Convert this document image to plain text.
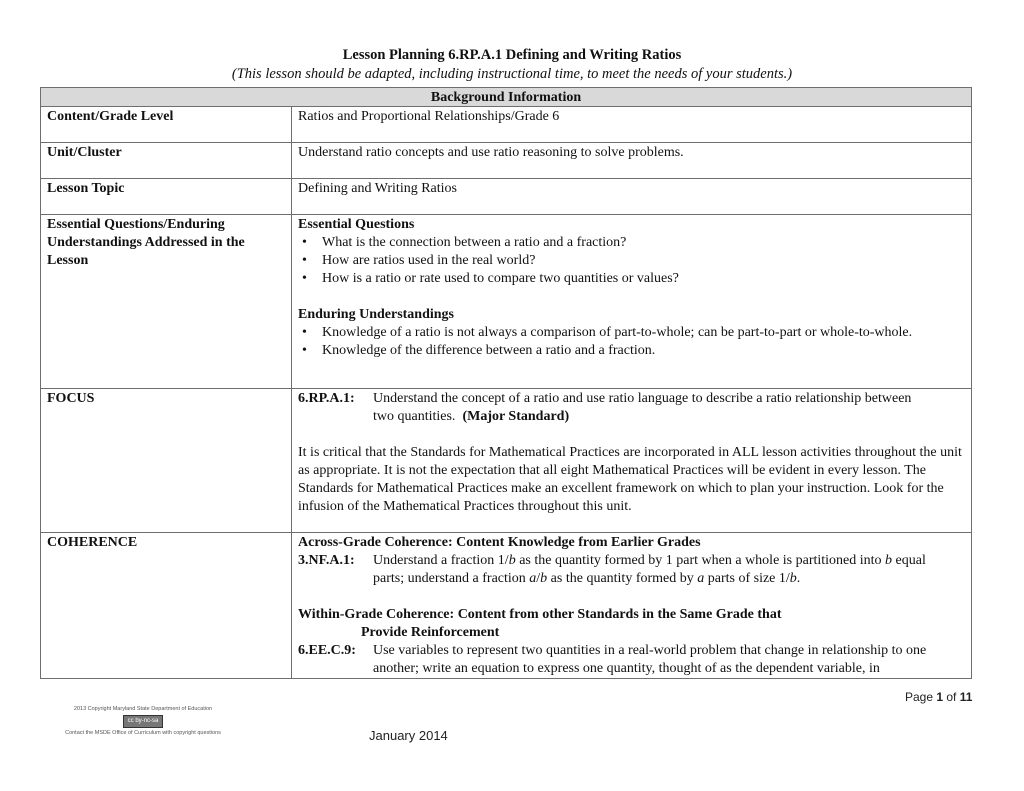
Lesson Planning 6.RP.A.1 Defining and Writing Ratios
(This lesson should be adapted, including instructional time, to meet the needs of your students.)
Background Information	
Content/Grade Level	Ratios and Proportional Relationships/Grade 6
Unit/Cluster	Understand ratio concepts and use ratio reasoning to solve problems.
Lesson Topic	Defining and Writing Ratios
Essential Questions/Enduring Understandings Addressed in the Lesson	
Essential Questions
• What is the connection between a ratio and a fraction?
• How are ratios used in the real world?
• How is a ratio or rate used to compare two quantities or values?
Enduring Understandings
• Knowledge of a ratio is not always a comparison of part-to-whole; can be part-to-part or whole-to-whole.
• Knowledge of the difference between a ratio and a fraction.

FOCUS	6.RP.A.1: Understand the concept of a ratio and use ratio language to describe a ratio relationship between two quantities. (Major Standard)
It is critical that the Standards for Mathematical Practices are incorporated in ALL lesson activities throughout the unit as appropriate. It is not the expectation that all eight Mathematical Practices will be evident in every lesson. The Standards for Mathematical Practices make an excellent framework on which to plan your instruction. Look for the infusion of the Mathematical Practices throughout this unit.

COHERENCE	Across-Grade Coherence: Content Knowledge from Earlier Grades
3.NF.A.1: Understand a fraction 1/b as the quantity formed by 1 part when a whole is partitioned into b equal parts; understand a fraction a/b as the quantity formed by a parts of size 1/b.
Within-Grade Coherence: Content from other Standards in the Same Grade that Provide Reinforcement
6.EE.C.9: Use variables to represent two quantities in a real-world problem that change in relationship to one another; write an equation to express one quantity, thought of as the dependent variable, in
Page 1 of 11
2013 Copyright Maryland State Department of Education
cc by-nc-sa
Contact the MSDE Office of Curriculum with copyright questions	January 2014
